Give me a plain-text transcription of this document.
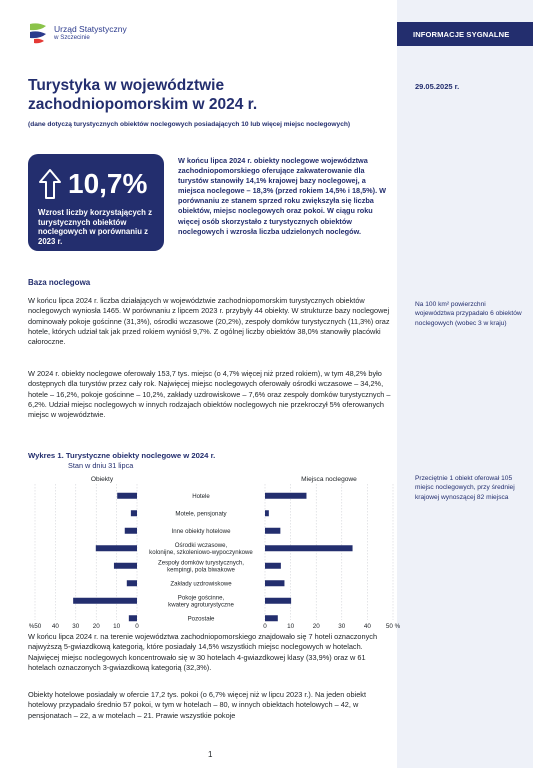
INFORMACJE SYGNALNE
29.05.2025 r.
Urząd Statystyczny
w Szczecinie
Turystyka w województwie zachodniopomorskim w 2024 r.
(dane dotyczą turystycznych obiektów noclegowych posiadających 10 lub więcej miejsc noclegowych)
10,7%
Wzrost liczby korzystających z turystycznych obiektów noclegowych w porównaniu z 2023 r.
W końcu lipca 2024 r. obiekty noclegowe województwa zachodniopomorskiego oferujące zakwaterowanie dla turystów stanowiły 14,1% krajowej bazy noclegowej, a miejsca noclegowe – 18,3% (przed rokiem 14,5% i 18,5%). W porównaniu ze stanem sprzed roku zwiększyła się liczba obiektów, miejsc noclegowych oraz pokoi. W ciągu roku więcej osób skorzystało z turystycznych obiektów noclegowych i wzrosła liczba udzielonych noclegów.
Baza noclegowa
W końcu lipca 2024 r. liczba działających w województwie zachodniopomorskim turystycznych obiektów noclegowych wyniosła 1465. W porównaniu z lipcem 2023 r. przybyły 44 obiekty. W strukturze bazy noclegowej dominowały pokoje gościnne (31,3%), ośrodki wczasowe (20,2%), zespoły domków turystycznych (11,3%) oraz hotele, których udział tak jak przed rokiem wyniósł 9,7%. Z ogólnej liczby obiektów 38,0% stanowiły placówki całoroczne.
W 2024 r. obiekty noclegowe oferowały 153,7 tys. miejsc (o 4,7% więcej niż przed rokiem), w tym 48,2% było dostępnych dla turystów przez cały rok. Najwięcej miejsc noclegowych oferowały ośrodki wczasowe – 34,2%, hotele – 16,2%, pokoje gościnne – 10,2%, zakłady uzdrowiskowe – 7,6% oraz zespoły domków turystycznych – 6,2%. Udział miejsc noclegowych w innych rodzajach obiektów noclegowych nie przekroczył 5% oferowanych miejsc w województwie.
Na 100 km² powierzchni województwa przypadało 6 obiektów noclegowych (wobec 3 w kraju)
Przeciętnie 1 obiekt oferował 105 miejsc noclegowych, przy średniej krajowej wynoszącej 82 miejsca
Wykres 1. Turystyczne obiekty noclegowe w 2024 r.
Stan w dniu 31 lipca
Obiekty	Miejsca noclegowe
Hotele
Motele, pensjonaty
Inne obiekty hotelowe
Ośrodki wczasowe, kolonijne, szkoleniowo-wypoczynkowe
Zespoły domków turystycznych, kempingi, pola biwakowe
Zakłady uzdrowiskowe
Pokoje gościnne, kwatery agroturystyczne
Pozostałe
%50 40 30 20 10 0	0	10	20	30	40 50 %
W końcu lipca 2024 r. na terenie województwa zachodniopomorskiego znajdowało się 7 hoteli oznaczonych najwyższą 5-gwiazdkową kategorią, które posiadały 14,5% wszystkich miejsc noclegowych w hotelach. Najwięcej miejsc noclegowych koncentrowało się w 30 hotelach 4-gwiazdkowej klasy (33,9%) oraz w 61 hotelach oznaczonych 3-gwiazdkową kategorią (32,3%).
Obiekty hotelowe posiadały w ofercie 17,2 tys. pokoi (o 6,7% więcej niż w lipcu 2023 r.). Na jeden obiekt hotelowy przypadało średnio 57 pokoi, w tym w hotelach – 80, w innych obiektach hotelowych – 42, w pensjonatach – 22, a w motelach – 21. Prawie wszystkie pokoje
1
